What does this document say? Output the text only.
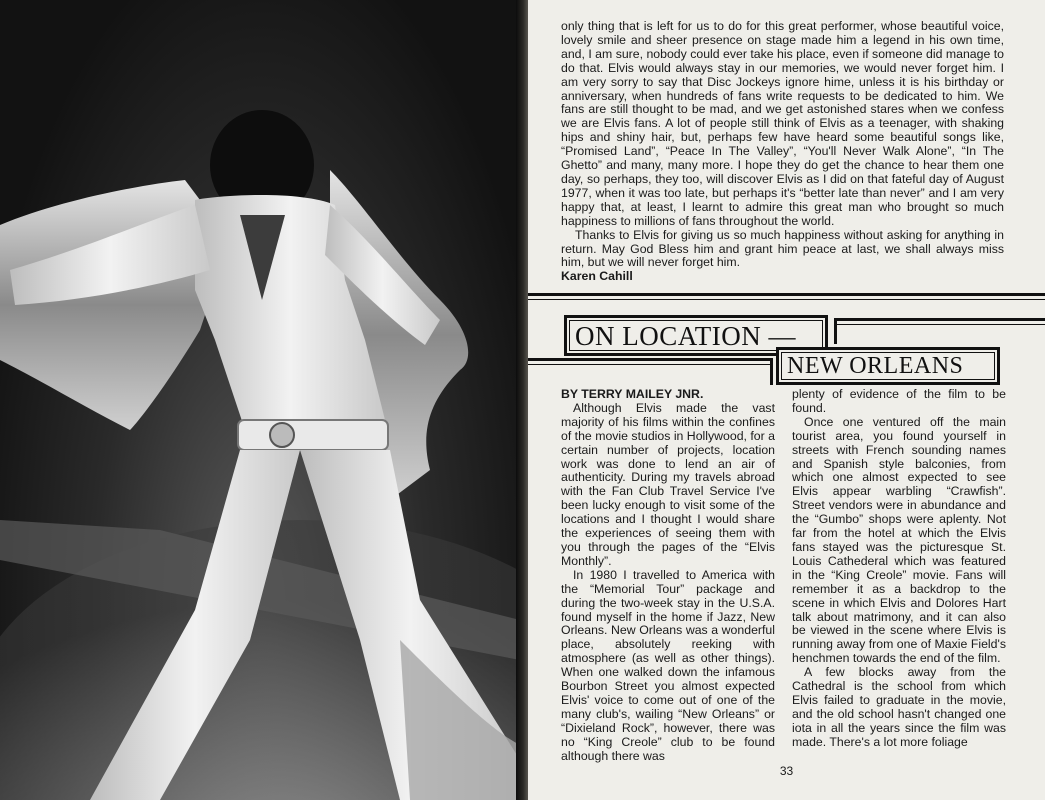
only thing that is left for us to do for this great performer, whose beautiful voice, lovely smile and sheer presence on stage made him a legend in his own time, and, I am sure, nobody could ever take his place, even if someone did manage to do that. Elvis would always stay in our memories, we would never forget him. I am very sorry to say that Disc Jockeys ignore hime, unless it is his birthday or anniversary, when hundreds of fans write requests to be dedicated to him. We fans are still thought to be mad, and we get astonished stares when we confess we are Elvis fans. A lot of people still think of Elvis as a teenager, with shaking hips and shiny hair, but, perhaps few have heard some beautiful songs like, “Promised Land”, “Peace In The Valley”, “You'll Never Walk Alone”, “In The Ghetto” and many, many more. I hope they do get the chance to hear them one day, so perhaps, they too, will discover Elvis as I did on that fateful day of August 1977, when it was too late, but perhaps it's “better late than never” and I am very happy that, at least, I learnt to admire this great man who brought so much happiness to millions of fans throughout the world.

Thanks to Elvis for giving us so much happiness without asking for anything in return. May God Bless him and grant him peace at last, we shall always miss him, but we will never forget him.

Karen Cahill
ON LOCATION —
NEW ORLEANS

BY TERRY MAILEY JNR.

Although Elvis made the vast majority of his films within the confines of the movie studios in Hollywood, for a certain number of projects, location work was done to lend an air of authenticity. During my travels abroad with the Fan Club Travel Service I've been lucky enough to visit some of the locations and I thought I would share the experiences of seeing them with you through the pages of the “Elvis Monthly”.

In 1980 I travelled to America with the “Memorial Tour” package and during the two-week stay in the U.S.A. found myself in the home if Jazz, New Orleans. New Orleans was a wonderful place, absolutely reeking with atmosphere (as well as other things). When one walked down the infamous Bourbon Street you almost expected Elvis' voice to come out of one of the many club's, wailing “New Orleans” or “Dixieland Rock”, however, there was no “King Creole” club to be found although there was

plenty of evidence of the film to be found.

Once one ventured off the main tourist area, you found yourself in streets with French sounding names and Spanish style balconies, from which one almost expected to see Elvis appear warbling “Crawfish”. Street vendors were in abundance and the “Gumbo” shops were aplenty. Not far from the hotel at which the Elvis fans stayed was the picturesque St. Louis Cathederal which was featured in the “King Creole” movie. Fans will remember it as a backdrop to the scene in which Elvis and Dolores Hart talk about matrimony, and it can also be viewed in the scene where Elvis is running away from one of Maxie Field's henchmen towards the end of the film.

A few blocks away from the Cathedral is the school from which Elvis failed to graduate in the movie, and the old school hasn't changed one iota in all the years since the film was made. There's a lot more foliage

33
